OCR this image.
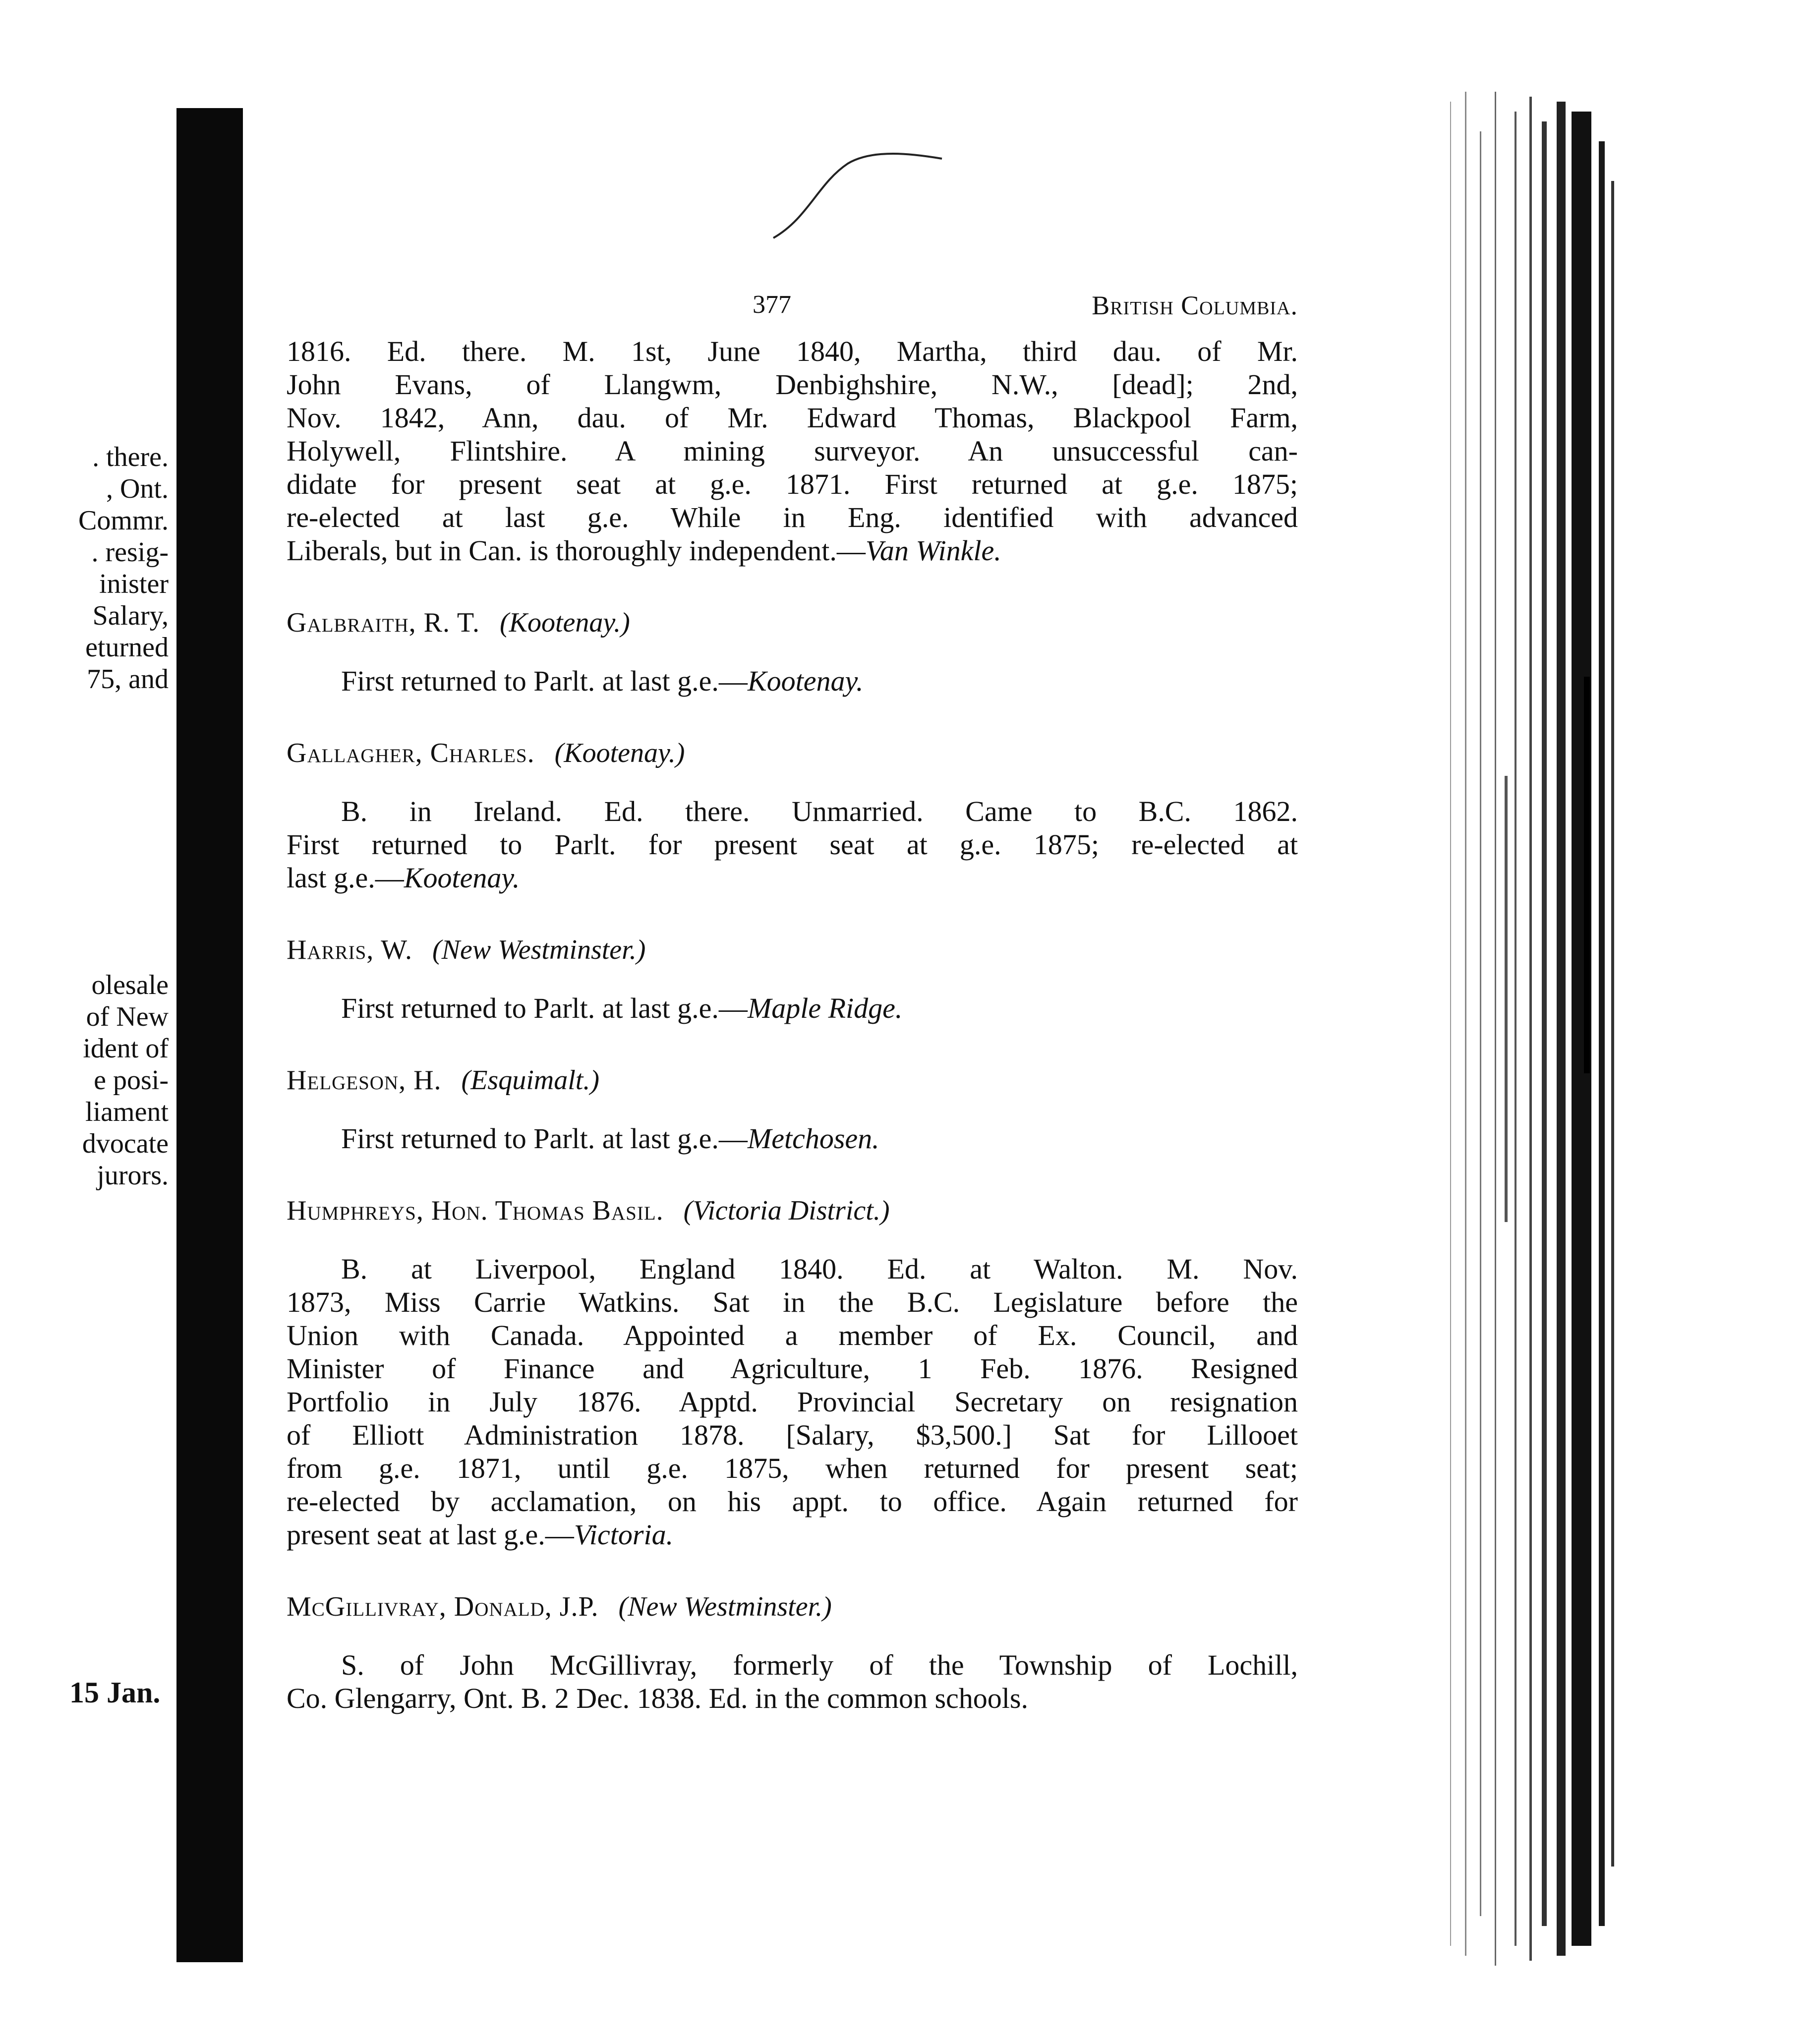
. there.
, Ont.
Commr.
. resig-
inister
Salary,
eturned
75, and
olesale
of New
ident of
e posi-
liament
dvocate
jurors.
15 Jan.
377	British Columbia.
1816. Ed. there. M. 1st, June 1840, Martha, third dau. of Mr.
John Evans, of Llangwm, Denbighshire, N.W., [dead]; 2nd,
Nov. 1842, Ann, dau. of Mr. Edward Thomas, Blackpool Farm,
Holywell, Flintshire. A mining surveyor. An unsuccessful can-
didate for present seat at g.e. 1871. First returned at g.e. 1875;
re-elected at last g.e. While in Eng. identified with advanced
Liberals, but in Can. is thoroughly independent.—Van Winkle.
Galbraith, R. T. (Kootenay.)
First returned to Parlt. at last g.e.—Kootenay.
Gallagher, Charles. (Kootenay.)
B. in Ireland. Ed. there. Unmarried. Came to B.C. 1862.
First returned to Parlt. for present seat at g.e. 1875; re-elected at
last g.e.—Kootenay.
Harris, W. (New Westminster.)
First returned to Parlt. at last g.e.—Maple Ridge.
Helgeson, H. (Esquimalt.)
First returned to Parlt. at last g.e.—Metchosen.
Humphreys, Hon. Thomas Basil. (Victoria District.)
B. at Liverpool, England 1840. Ed. at Walton. M. Nov.
1873, Miss Carrie Watkins. Sat in the B.C. Legislature before the
Union with Canada. Appointed a member of Ex. Council, and
Minister of Finance and Agriculture, 1 Feb. 1876. Resigned
Portfolio in July 1876. Apptd. Provincial Secretary on resignation
of Elliott Administration 1878. [Salary, $3,500.] Sat for Lillooet
from g.e. 1871, until g.e. 1875, when returned for present seat;
re-elected by acclamation, on his appt. to office. Again returned for
present seat at last g.e.—Victoria.
McGillivray, Donald, J.P. (New Westminster.)
S. of John McGillivray, formerly of the Township of Lochill,
Co. Glengarry, Ont. B. 2 Dec. 1838. Ed. in the common schools.
